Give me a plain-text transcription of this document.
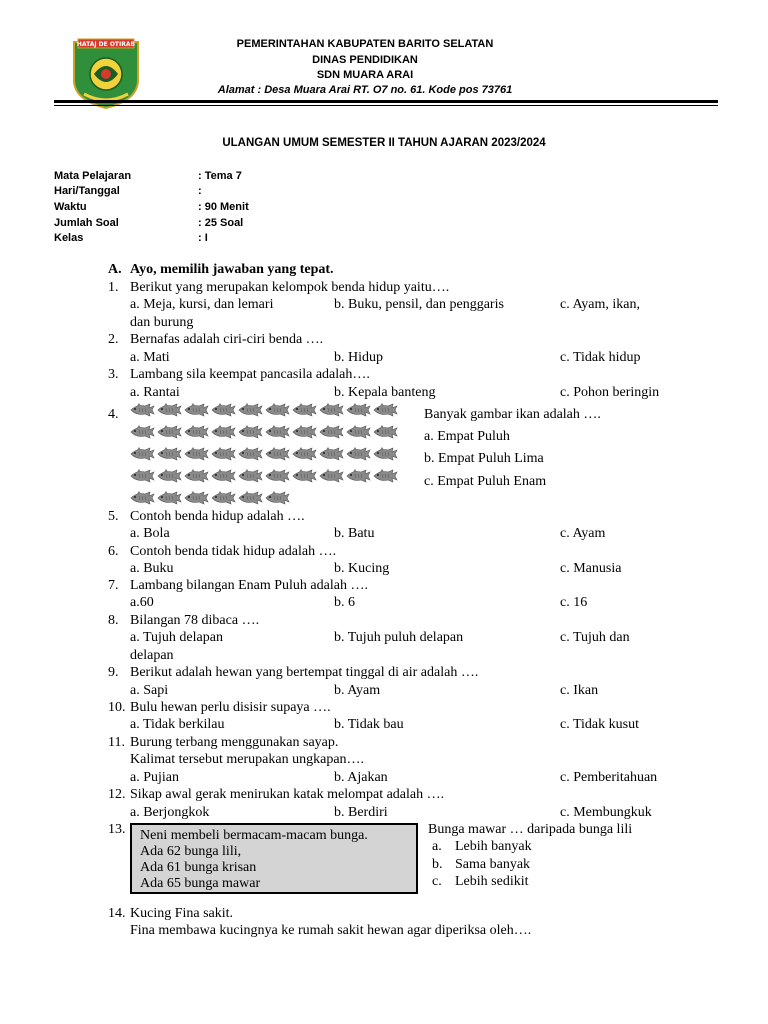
HATAJ DE OTIRAB	PEMERINTAHAN KABUPATEN BARITO SELATAN
DINAS PENDIDIKAN
SDN MUARA ARAI
Alamat : Desa Muara Arai RT. O7 no. 61. Kode pos 73761
ULANGAN UMUM SEMESTER II TAHUN AJARAN 2023/2024
Mata Pelajaran	: Tema 7
Hari/Tanggal	:
Waktu	: 90 Menit
Jumlah Soal	: 25 Soal
Kelas	: I
A. Ayo, memilih jawaban yang tepat.
1. Berikut yang merupakan kelompok benda hidup yaitu….
a. Meja, kursi, dan lemari	b. Buku, pensil, dan penggaris	c. Ayam, ikan,
dan burung
2. Bernafas adalah ciri-ciri benda ….
a. Mati	b. Hidup	c. Tidak hidup
3. Lambang sila keempat pancasila adalah….
a. Rantai	b. Kepala banteng	c. Pohon beringin
4.	Banyak gambar ikan adalah ….
a. Empat Puluh
b. Empat Puluh Lima
c. Empat Puluh Enam
5. Contoh benda hidup adalah ….
a. Bola	b. Batu	c. Ayam
6. Contoh benda tidak hidup adalah ….
a. Buku	b. Kucing	c. Manusia
7. Lambang bilangan Enam Puluh adalah ….
a.60	b. 6	c. 16
8. Bilangan 78 dibaca ….
a. Tujuh delapan	b. Tujuh puluh delapan	c. Tujuh dan
delapan
9. Berikut adalah hewan yang bertempat tinggal di air adalah ….
a. Sapi	b. Ayam	c. Ikan
10. Bulu hewan perlu disisir supaya ….
a. Tidak berkilau	b. Tidak bau	c. Tidak kusut
11. Burung terbang menggunakan sayap.
Kalimat tersebut merupakan ungkapan….
a. Pujian	b. Ajakan	c. Pemberitahuan
12. Sikap awal gerak menirukan katak melompat adalah ….
a. Berjongkok	b. Berdiri	c. Membungkuk
13. Neni membeli bermacam-macam bunga.
Ada 62 bunga lili,
Ada 61 bunga krisan
Ada 65 bunga mawar
Bunga mawar … daripada bunga lili
a. Lebih banyak
b. Sama banyak
c. Lebih sedikit
14. Kucing Fina sakit.
Fina membawa kucingnya ke rumah sakit hewan agar diperiksa oleh….
